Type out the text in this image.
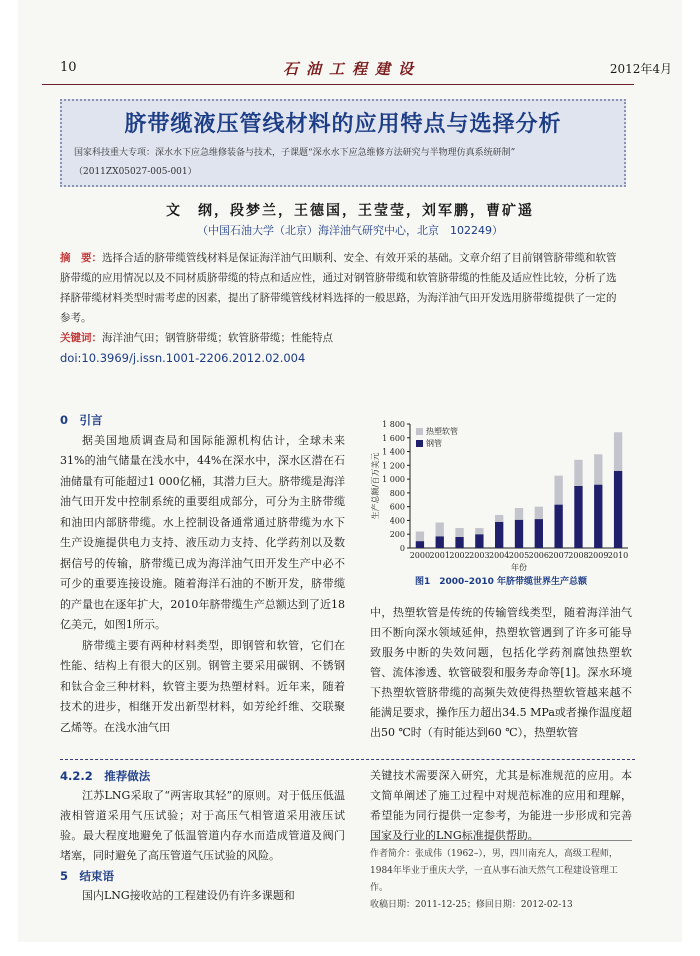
10	石油工程建设	2012年4月
脐带缆液压管线材料的应用特点与选择分析
国家科技重大专项：深水水下应急维修装备与技术，子课题“深水水下应急维修方法研究与半物理仿真系统研制”
（2011ZX05027-005-001）
文　纲，段梦兰，王德国，王莹莹，刘军鹏，曹矿遥
（中国石油大学（北京）海洋油气研究中心，北京　102249）
摘　要：选择合适的脐带缆管线材料是保证海洋油气田顺利、安全、有效开采的基础。文章介绍了目前钢管脐带缆和软管脐带缆的应用情况以及不同材质脐带缆的特点和适应性，通过对钢管脐带缆和软管脐带缆的性能及适应性比较，分析了选择脐带缆材料类型时需考虑的因素，提出了脐带缆管线材料选择的一般思路，为海洋油气田开发选用脐带缆提供了一定的参考。
关键词：海洋油气田；钢管脐带缆；软管脐带缆；性能特点
doi:10.3969/j.issn.1001-2206.2012.02.004
0　引言

据美国地质调查局和国际能源机构估计，全球未来31%的油气储量在浅水中，44%在深水中，深水区潜在石油储量有可能超过1 000亿桶，其潜力巨大。脐带缆是海洋油气田开发中控制系统的重要组成部分，可分为主脐带缆和油田内部脐带缆。水上控制设备通常通过脐带缆为水下生产设施提供电力支持、液压动力支持、化学药剂以及数据信号的传输，脐带缆已成为海洋油气田开发生产中必不可少的重要连接设施。随着海洋石油的不断开发，脐带缆的产量也在逐年扩大，2010年脐带缆生产总额达到了近18亿美元，如图1所示。

脐带缆主要有两种材料类型，即钢管和软管，它们在性能、结构上有很大的区别。钢管主要采用碳钢、不锈钢和钛合金三种材料，软管主要为热塑材料。近年来，随着技术的进步，相继开发出新型材料，如芳纶纤维、交联聚乙烯等。在浅水油气田

0
200
400
600
800
1 000
1 200
1 400
1 600
1 800
生产总额/百万美元
2000 2001 2002 2003 2004 2005 2006 2007 2008 2009 2010
年份
热塑软管
钢管
图1　2000–2010 年脐带缆世界生产总额
中，热塑软管是传统的传输管线类型，随着海洋油气田不断向深水领域延伸，热塑软管遇到了许多可能导致服务中断的失效问题，包括化学药剂腐蚀热塑软管、流体渗透、软管破裂和服务寿命等[1]。深水环境下热塑软管脐带缆的高频失效使得热塑软管越来越不能满足要求，操作压力超出34.5 MPa或者操作温度超出50 ℃时（有时能达到60 ℃），热塑软管
4.2.2　推荐做法

江苏LNG采取了“两害取其轻”的原则。对于低压低温液相管道采用气压试验；对于高压气相管道采用液压试验。最大程度地避免了低温管道内存水而造成管道及阀门堵塞，同时避免了高压管道气压试验的风险。

5　结束语

国内LNG接收站的工程建设仍有许多课题和

关键技术需要深入研究，尤其是标准规范的应用。本文简单阐述了施工过程中对规范标准的应用和理解，希望能为同行提供一定参考，为能进一步形成和完善国家及行业的LNG标准提供帮助。
作者简介：张成伟（1962–），男，四川南充人，高级工程师，1984年毕业于重庆大学，一直从事石油天然气工程建设管理工作。
收稿日期：2011-12-25；修回日期：2012-02-13
